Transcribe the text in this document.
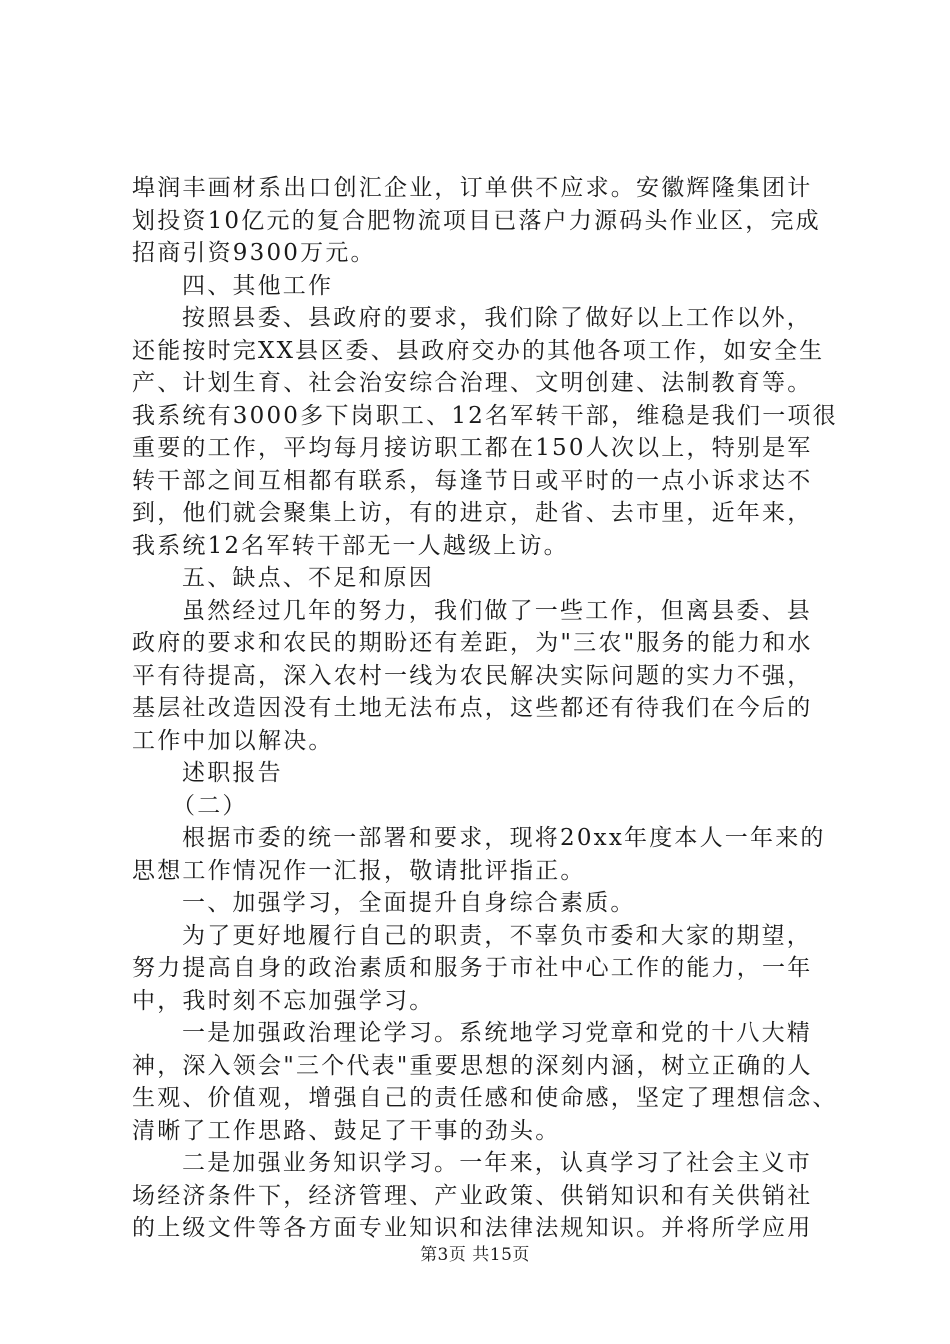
埠润丰画材系出口创汇企业，订单供不应求。安徽辉隆集团计
划投资10亿元的复合肥物流项目已落户力源码头作业区，完成
招商引资9300万元。
四、其他工作
按照县委、县政府的要求，我们除了做好以上工作以外，
还能按时完XX县区委、县政府交办的其他各项工作，如安全生
产、计划生育、社会治安综合治理、文明创建、法制教育等。
我系统有3000多下岗职工、12名军转干部，维稳是我们一项很
重要的工作，平均每月接访职工都在150人次以上，特别是军
转干部之间互相都有联系，每逢节日或平时的一点小诉求达不
到，他们就会聚集上访，有的进京，赴省、去市里，近年来，
我系统12名军转干部无一人越级上访。
五、缺点、不足和原因
虽然经过几年的努力，我们做了一些工作，但离县委、县
政府的要求和农民的期盼还有差距，为"三农"服务的能力和水
平有待提高，深入农村一线为农民解决实际问题的实力不强，
基层社改造因没有土地无法布点，这些都还有待我们在今后的
工作中加以解决。
述职报告
（二）
根据市委的统一部署和要求，现将20xx年度本人一年来的
思想工作情况作一汇报，敬请批评指正。
一、加强学习，全面提升自身综合素质。
为了更好地履行自己的职责，不辜负市委和大家的期望，
努力提高自身的政治素质和服务于市社中心工作的能力，一年
中，我时刻不忘加强学习。
一是加强政治理论学习。系统地学习党章和党的十八大精
神，深入领会"三个代表"重要思想的深刻内涵，树立正确的人
生观、价值观，增强自己的责任感和使命感，坚定了理想信念、
清晰了工作思路、鼓足了干事的劲头。
二是加强业务知识学习。一年来，认真学习了社会主义市
场经济条件下，经济管理、产业政策、供销知识和有关供销社
的上级文件等各方面专业知识和法律法规知识。并将所学应用
第3页 共15页
